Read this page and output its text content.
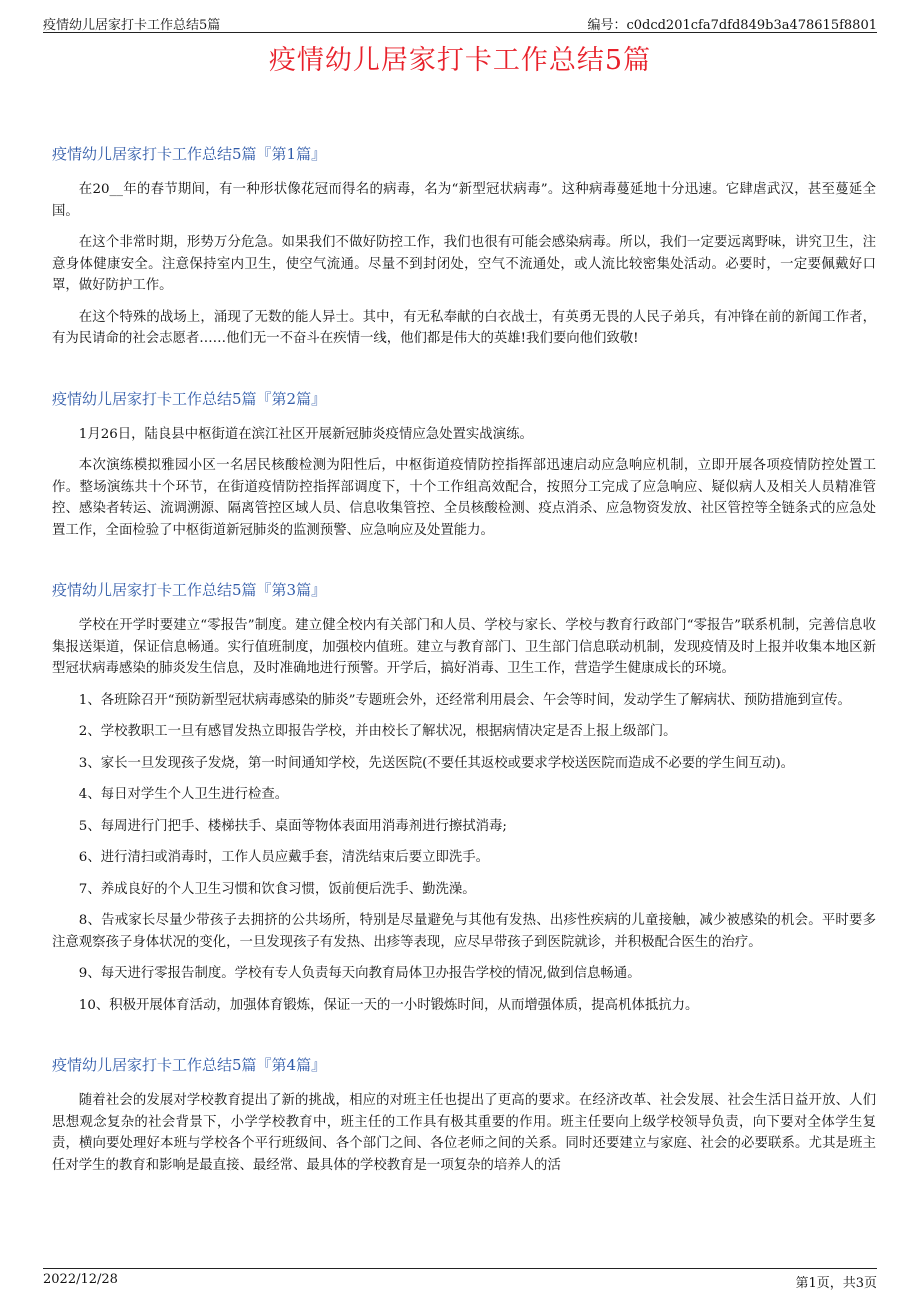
疫情幼儿居家打卡工作总结5篇	编号：c0dcd201cfa7dfd849b3a478615f8801
疫情幼儿居家打卡工作总结5篇
疫情幼儿居家打卡工作总结5篇『第1篇』

在20__年的春节期间，有一种形状像花冠而得名的病毒，名为“新型冠状病毒”。这种病毒蔓延地十分迅速。它肆虐武汉，甚至蔓延全国。

在这个非常时期，形势万分危急。如果我们不做好防控工作，我们也很有可能会感染病毒。所以，我们一定要远离野味，讲究卫生，注意身体健康安全。注意保持室内卫生，使空气流通。尽量不到封闭处，空气不流通处，或人流比较密集处活动。必要时，一定要佩戴好口罩，做好防护工作。

在这个特殊的战场上，涌现了无数的能人异士。其中，有无私奉献的白衣战士，有英勇无畏的人民子弟兵，有冲锋在前的新闻工作者，有为民请命的社会志愿者……他们无一不奋斗在疾情一线，他们都是伟大的英雄!我们要向他们致敬!

疫情幼儿居家打卡工作总结5篇『第2篇』

1月26日，陆良县中枢街道在滨江社区开展新冠肺炎疫情应急处置实战演练。

本次演练模拟雅园小区一名居民核酸检测为阳性后，中枢街道疫情防控指挥部迅速启动应急响应机制，立即开展各项疫情防控处置工作。整场演练共十个环节，在街道疫情防控指挥部调度下，十个工作组高效配合，按照分工完成了应急响应、疑似病人及相关人员精准管控、感染者转运、流调溯源、隔离管控区域人员、信息收集管控、全员核酸检测、疫点消杀、应急物资发放、社区管控等全链条式的应急处置工作，全面检验了中枢街道新冠肺炎的监测预警、应急响应及处置能力。

疫情幼儿居家打卡工作总结5篇『第3篇』

学校在开学时要建立“零报告”制度。建立健全校内有关部门和人员、学校与家长、学校与教育行政部门“零报告”联系机制，完善信息收集报送渠道，保证信息畅通。实行值班制度，加强校内值班。建立与教育部门、卫生部门信息联动机制，发现疫情及时上报并收集本地区新型冠状病毒感染的肺炎发生信息，及时准确地进行预警。开学后，搞好消毒、卫生工作，营造学生健康成长的环境。

1、各班除召开“预防新型冠状病毒感染的肺炎”专题班会外，还经常利用晨会、午会等时间，发动学生了解病状、预防措施到宣传。

2、学校教职工一旦有感冒发热立即报告学校，并由校长了解状况，根据病情决定是否上报上级部门。

3、家长一旦发现孩子发烧，第一时间通知学校，先送医院(不要任其返校或要求学校送医院而造成不必要的学生间互动)。

4、每日对学生个人卫生进行检查。

5、每周进行门把手、楼梯扶手、桌面等物体表面用消毒剂进行擦拭消毒;

6、进行清扫或消毒时，工作人员应戴手套，清洗结束后要立即洗手。

7、养成良好的个人卫生习惯和饮食习惯，饭前便后洗手、勤洗澡。

8、告戒家长尽量少带孩子去拥挤的公共场所，特别是尽量避免与其他有发热、出疹性疾病的儿童接触，减少被感染的机会。平时要多注意观察孩子身体状况的变化，一旦发现孩子有发热、出疹等表现，应尽早带孩子到医院就诊，并积极配合医生的治疗。

9、每天进行零报告制度。学校有专人负责每天向教育局体卫办报告学校的情况,做到信息畅通。

10、积极开展体育活动，加强体育锻炼，保证一天的一小时锻炼时间，从而增强体质，提高机体抵抗力。

疫情幼儿居家打卡工作总结5篇『第4篇』

随着社会的发展对学校教育提出了新的挑战，相应的对班主任也提出了更高的要求。在经济改革、社会发展、社会生活日益开放、人们思想观念复杂的社会背景下，小学学校教育中，班主任的工作具有极其重要的作用。班主任要向上级学校领导负责，向下要对全体学生复责，横向要处理好本班与学校各个平行班级间、各个部门之间、各位老师之间的关系。同时还要建立与家庭、社会的必要联系。尤其是班主任对学生的教育和影响是最直接、最经常、最具体的学校教育是一项复杂的培养人的活

2022/12/28	第1页，共3页
